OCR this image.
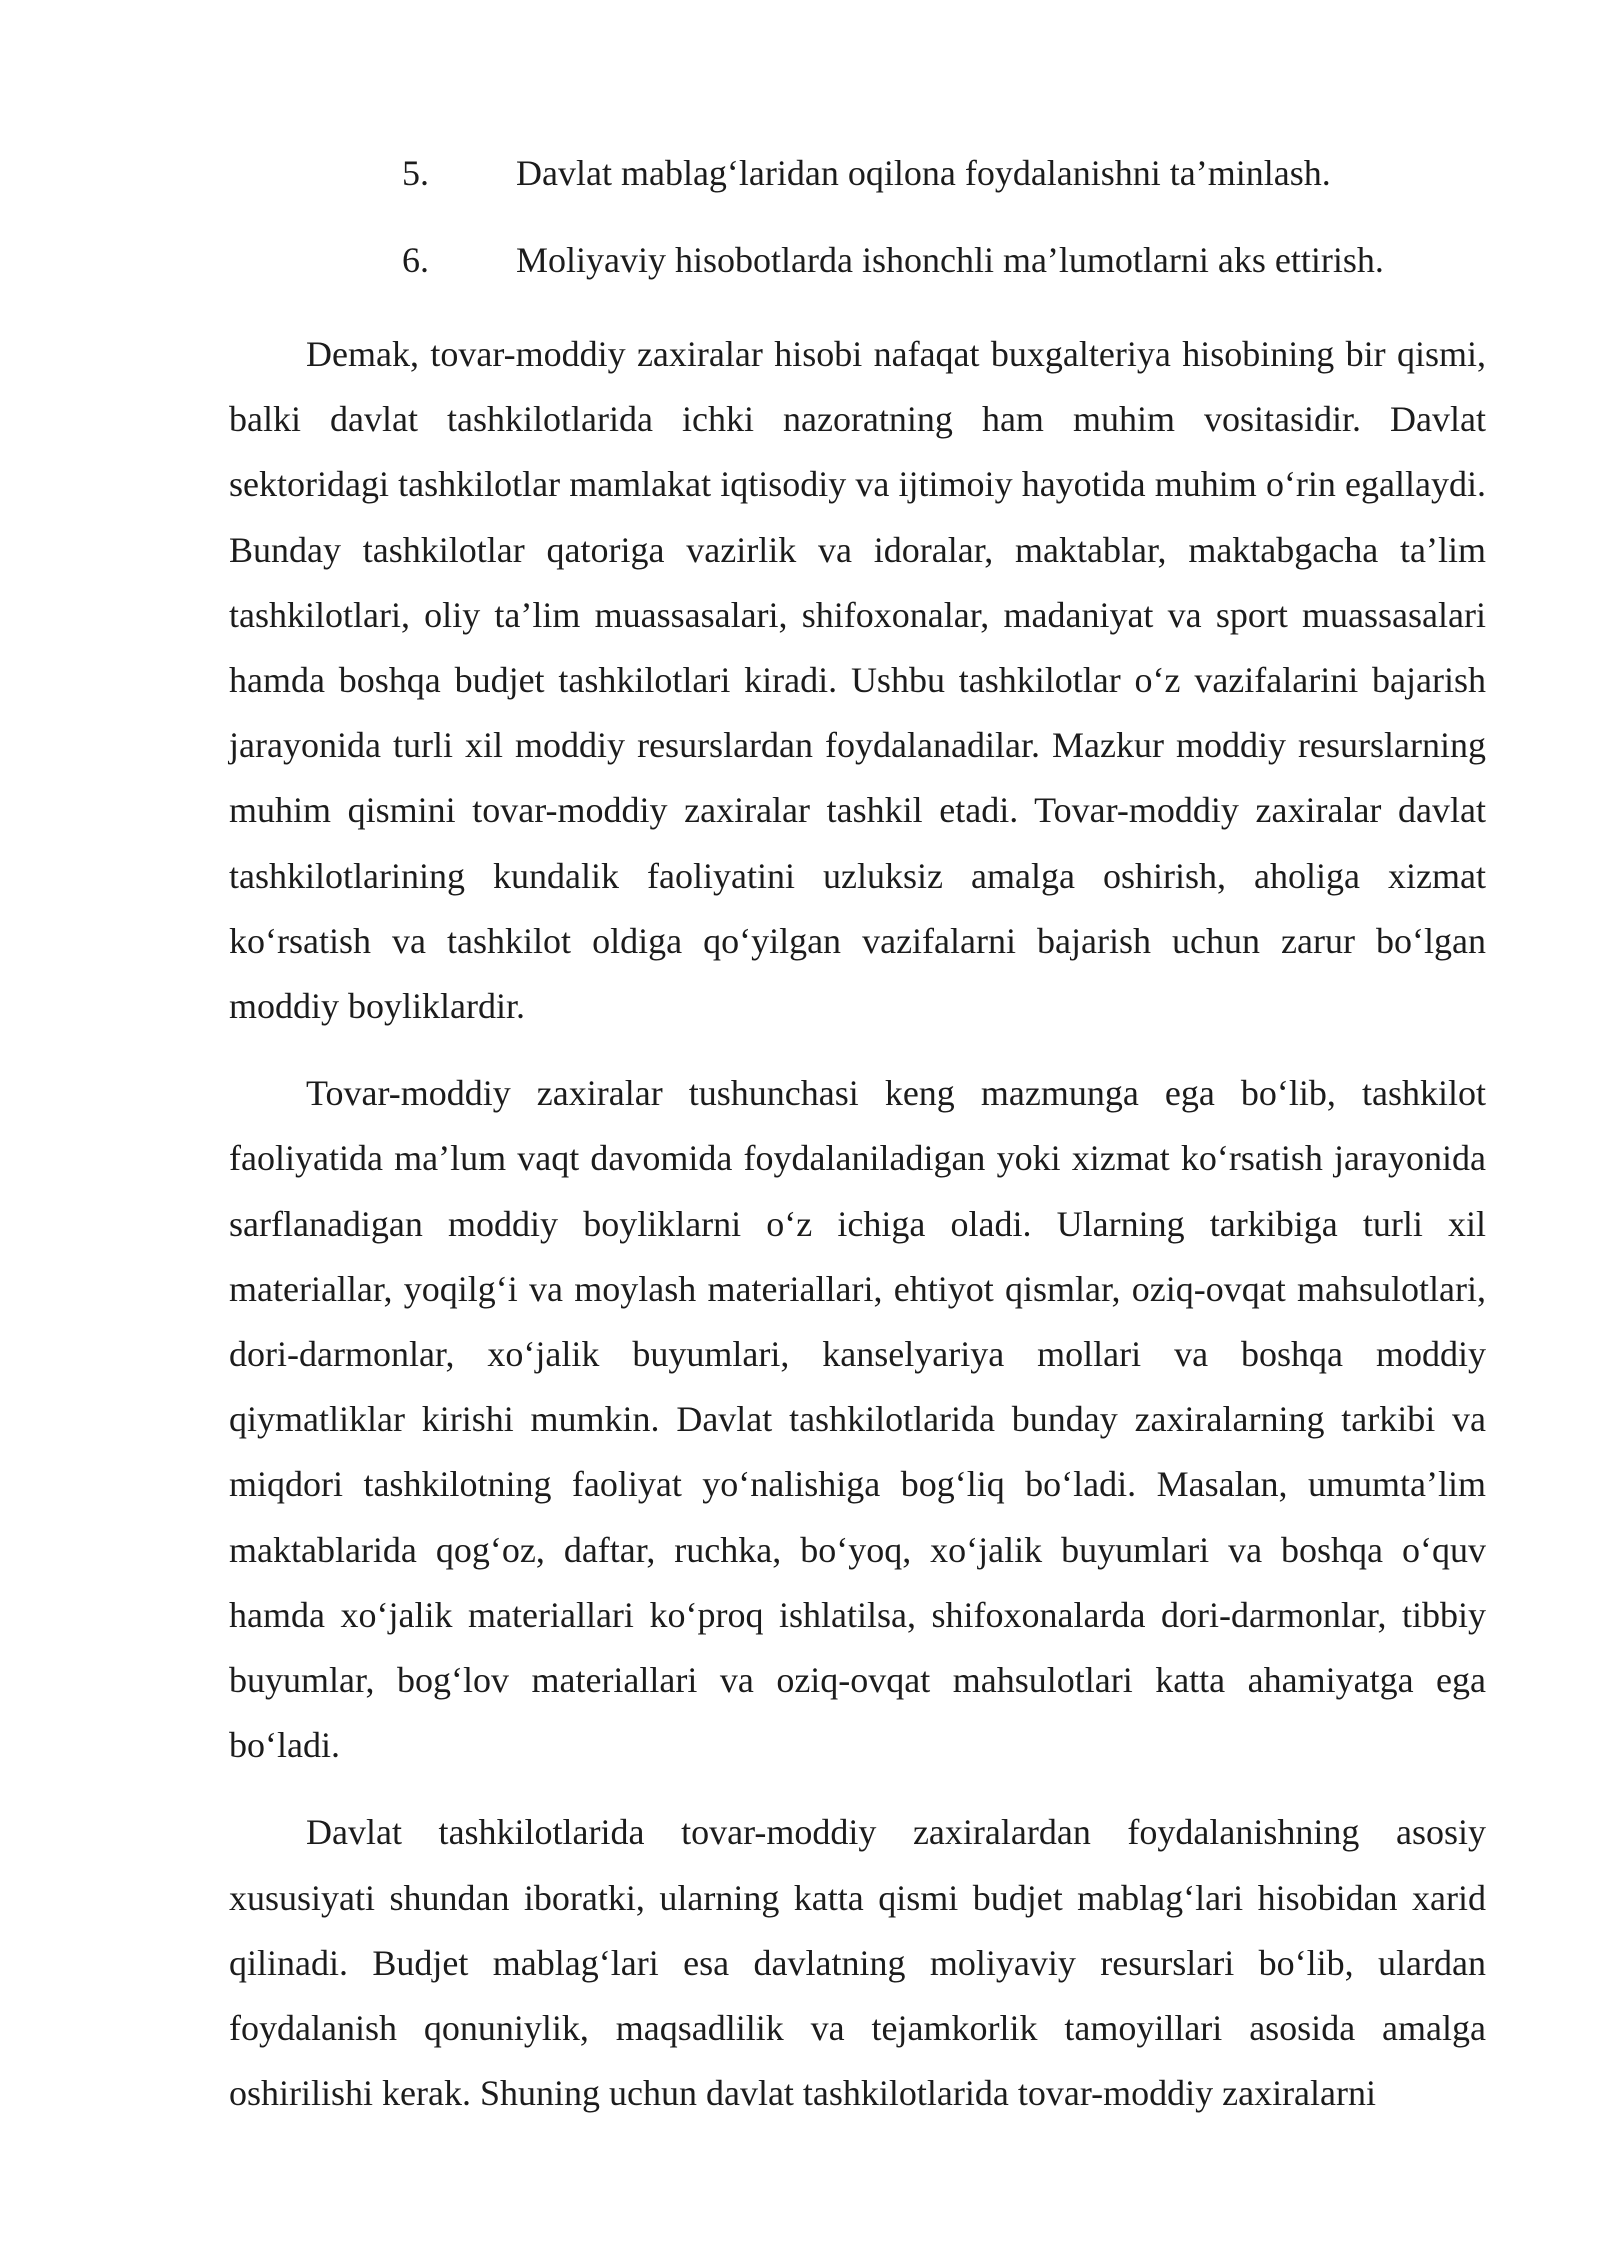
5. Davlat mablag‘laridan oqilona foydalanishni ta’minlash.
6. Moliyaviy hisobotlarda ishonchli ma’lumotlarni aks ettirish.

Demak, tovar-moddiy zaxiralar hisobi nafaqat buxgalteriya hisobining bir qismi, balki davlat tashkilotlarida ichki nazoratning ham muhim vositasidir. Davlat sektoridagi tashkilotlar mamlakat iqtisodiy va ijtimoiy hayotida muhim o‘rin egallaydi. Bunday tashkilotlar qatoriga vazirlik va idoralar, maktablar, maktabgacha ta’lim tashkilotlari, oliy ta’lim muassasalari, shifoxonalar, madaniyat va sport muassasalari hamda boshqa budjet tashkilotlari kiradi. Ushbu tashkilotlar o‘z vazifalarini bajarish jarayonida turli xil moddiy resurslardan foydalanadilar. Mazkur moddiy resurslarning muhim qismini tovar-moddiy zaxiralar tashkil etadi. Tovar-moddiy zaxiralar davlat tashkilotlarining kundalik faoliyatini uzluksiz amalga oshirish, aholiga xizmat ko‘rsatish va tashkilot oldiga qo‘yilgan vazifalarni bajarish uchun zarur bo‘lgan moddiy boyliklardir.

Tovar-moddiy zaxiralar tushunchasi keng mazmunga ega bo‘lib, tashkilot faoliyatida ma’lum vaqt davomida foydalaniladigan yoki xizmat ko‘rsatish jarayonida sarflanadigan moddiy boyliklarni o‘z ichiga oladi. Ularning tarkibiga turli xil materiallar, yoqilg‘i va moylash materiallari, ehtiyot qismlar, oziq-ovqat mahsulotlari, dori-darmonlar, xo‘jalik buyumlari, kanselyariya mollari va boshqa moddiy qiymatliklar kirishi mumkin. Davlat tashkilotlarida bunday zaxiralarning tarkibi va miqdori tashkilotning faoliyat yo‘nalishiga bog‘liq bo‘ladi. Masalan, umumta’lim maktablarida qog‘oz, daftar, ruchka, bo‘yoq, xo‘jalik buyumlari va boshqa o‘quv hamda xo‘jalik materiallari ko‘proq ishlatilsa, shifoxonalarda dori-darmonlar, tibbiy buyumlar, bog‘lov materiallari va oziq-ovqat mahsulotlari katta ahamiyatga ega bo‘ladi.

Davlat tashkilotlarida tovar-moddiy zaxiralardan foydalanishning asosiy xususiyati shundan iboratki, ularning katta qismi budjet mablag‘lari hisobidan xarid qilinadi. Budjet mablag‘lari esa davlatning moliyaviy resurslari bo‘lib, ulardan foydalanish qonuniylik, maqsadlilik va tejamkorlik tamoyillari asosida amalga oshirilishi kerak. Shuning uchun davlat tashkilotlarida tovar-moddiy zaxiralarni
